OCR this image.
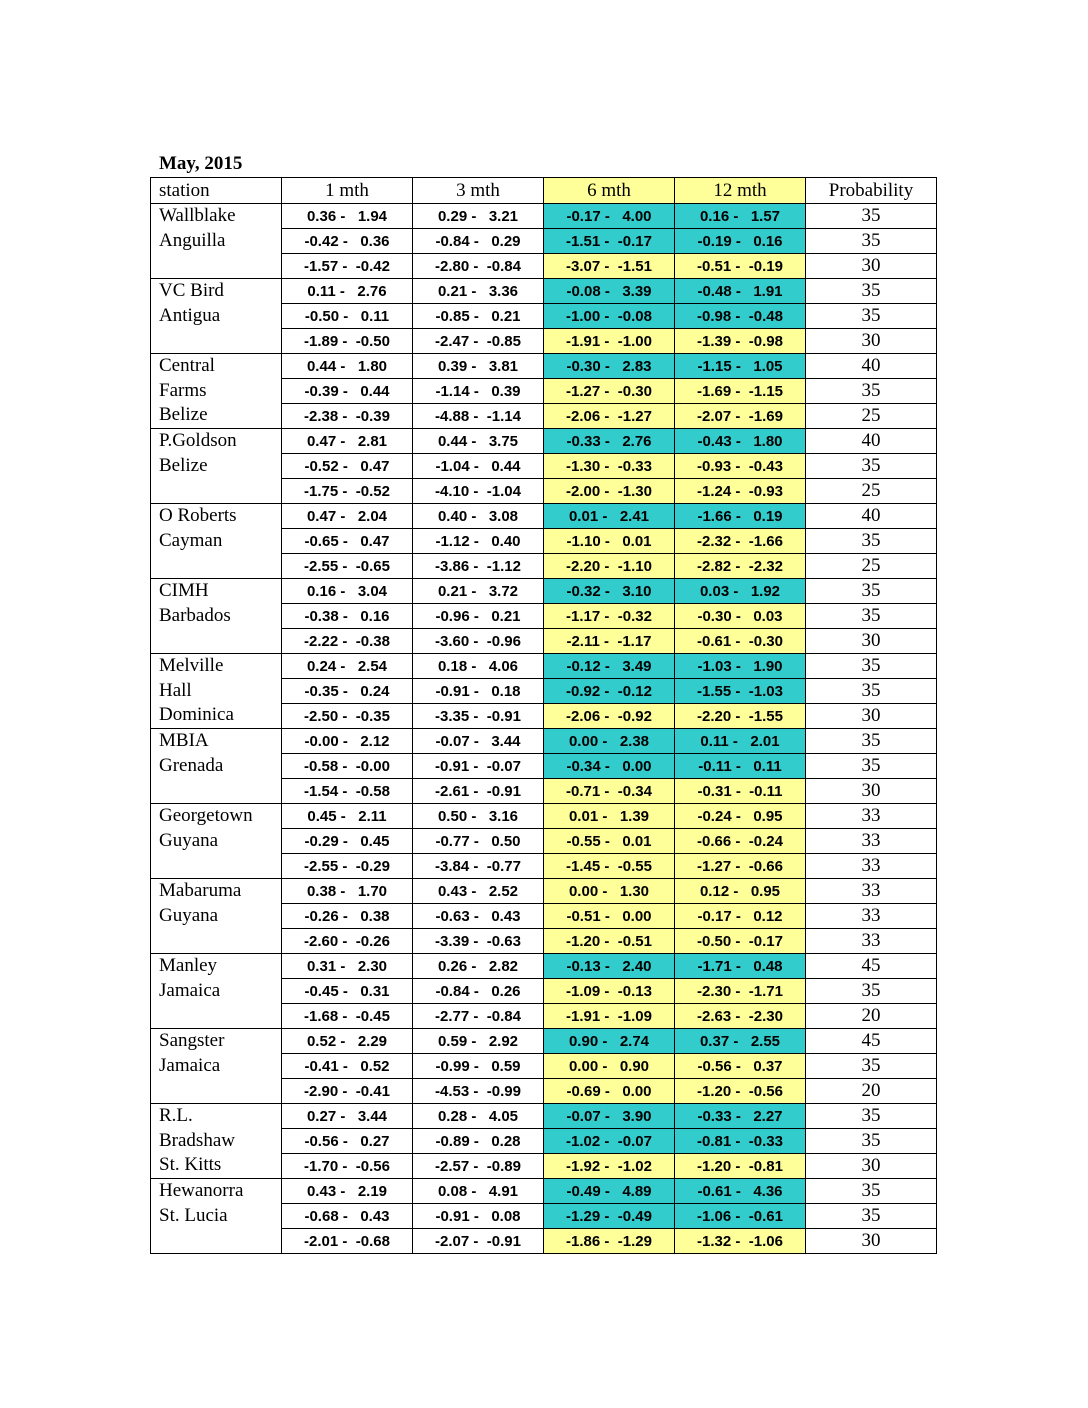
May, 2015
station	1 mth	3 mth	6 mth	12 mth	Probability

Wallblake
Anguilla	0.36 -   1.94	0.29 -   3.21	-0.17 -   4.00	0.16 -   1.57	35
	-0.42 -   0.36	-0.84 -   0.29	-1.51 -  -0.17	-0.19 -   0.16	35
	-1.57 -  -0.42	-2.80 -  -0.84	-3.07 -  -1.51	-0.51 -  -0.19	30

VC Bird
Antigua	0.11 -   2.76	0.21 -   3.36	-0.08 -   3.39	-0.48 -   1.91	35
	-0.50 -   0.11	-0.85 -   0.21	-1.00 -  -0.08	-0.98 -  -0.48	35
	-1.89 -  -0.50	-2.47 -  -0.85	-1.91 -  -1.00	-1.39 -  -0.98	30

Central
Farms
Belize	0.44 -   1.80	0.39 -   3.81	-0.30 -   2.83	-1.15 -   1.05	40
	-0.39 -   0.44	-1.14 -   0.39	-1.27 -  -0.30	-1.69 -  -1.15	35
	-2.38 -  -0.39	-4.88 -  -1.14	-2.06 -  -1.27	-2.07 -  -1.69	25

P.Goldson
Belize	0.47 -   2.81	0.44 -   3.75	-0.33 -   2.76	-0.43 -   1.80	40
	-0.52 -   0.47	-1.04 -   0.44	-1.30 -  -0.33	-0.93 -  -0.43	35
	-1.75 -  -0.52	-4.10 -  -1.04	-2.00 -  -1.30	-1.24 -  -0.93	25

O Roberts
Cayman	0.47 -   2.04	0.40 -   3.08	0.01 -   2.41	-1.66 -   0.19	40
	-0.65 -   0.47	-1.12 -   0.40	-1.10 -   0.01	-2.32 -  -1.66	35
	-2.55 -  -0.65	-3.86 -  -1.12	-2.20 -  -1.10	-2.82 -  -2.32	25

CIMH
Barbados	0.16 -   3.04	0.21 -   3.72	-0.32 -   3.10	0.03 -   1.92	35
	-0.38 -   0.16	-0.96 -   0.21	-1.17 -  -0.32	-0.30 -   0.03	35
	-2.22 -  -0.38	-3.60 -  -0.96	-2.11 -  -1.17	-0.61 -  -0.30	30

Melville
Hall
Dominica	0.24 -   2.54	0.18 -   4.06	-0.12 -   3.49	-1.03 -   1.90	35
	-0.35 -   0.24	-0.91 -   0.18	-0.92 -  -0.12	-1.55 -  -1.03	35
	-2.50 -  -0.35	-3.35 -  -0.91	-2.06 -  -0.92	-2.20 -  -1.55	30

MBIA
Grenada	-0.00 -   2.12	-0.07 -   3.44	0.00 -   2.38	0.11 -   2.01	35
	-0.58 -  -0.00	-0.91 -  -0.07	-0.34 -   0.00	-0.11 -   0.11	35
	-1.54 -  -0.58	-2.61 -  -0.91	-0.71 -  -0.34	-0.31 -  -0.11	30

Georgetown
Guyana	0.45 -   2.11	0.50 -   3.16	0.01 -   1.39	-0.24 -   0.95	33
	-0.29 -   0.45	-0.77 -   0.50	-0.55 -   0.01	-0.66 -  -0.24	33
	-2.55 -  -0.29	-3.84 -  -0.77	-1.45 -  -0.55	-1.27 -  -0.66	33

Mabaruma
Guyana	0.38 -   1.70	0.43 -   2.52	0.00 -   1.30	0.12 -   0.95	33
	-0.26 -   0.38	-0.63 -   0.43	-0.51 -   0.00	-0.17 -   0.12	33
	-2.60 -  -0.26	-3.39 -  -0.63	-1.20 -  -0.51	-0.50 -  -0.17	33

Manley
Jamaica	0.31 -   2.30	0.26 -   2.82	-0.13 -   2.40	-1.71 -   0.48	45
	-0.45 -   0.31	-0.84 -   0.26	-1.09 -  -0.13	-2.30 -  -1.71	35
	-1.68 -  -0.45	-2.77 -  -0.84	-1.91 -  -1.09	-2.63 -  -2.30	20

Sangster
Jamaica	0.52 -   2.29	0.59 -   2.92	0.90 -   2.74	0.37 -   2.55	45
	-0.41 -   0.52	-0.99 -   0.59	0.00 -   0.90	-0.56 -   0.37	35
	-2.90 -  -0.41	-4.53 -  -0.99	-0.69 -   0.00	-1.20 -  -0.56	20

R.L.
Bradshaw
St. Kitts	0.27 -   3.44	0.28 -   4.05	-0.07 -   3.90	-0.33 -   2.27	35
	-0.56 -   0.27	-0.89 -   0.28	-1.02 -  -0.07	-0.81 -  -0.33	35
	-1.70 -  -0.56	-2.57 -  -0.89	-1.92 -  -1.02	-1.20 -  -0.81	30

Hewanorra
St. Lucia	0.43 -   2.19	0.08 -   4.91	-0.49 -   4.89	-0.61 -   4.36	35
	-0.68 -   0.43	-0.91 -   0.08	-1.29 -  -0.49	-1.06 -  -0.61	35
	-2.01 -  -0.68	-2.07 -  -0.91	-1.86 -  -1.29	-1.32 -  -1.06	30
